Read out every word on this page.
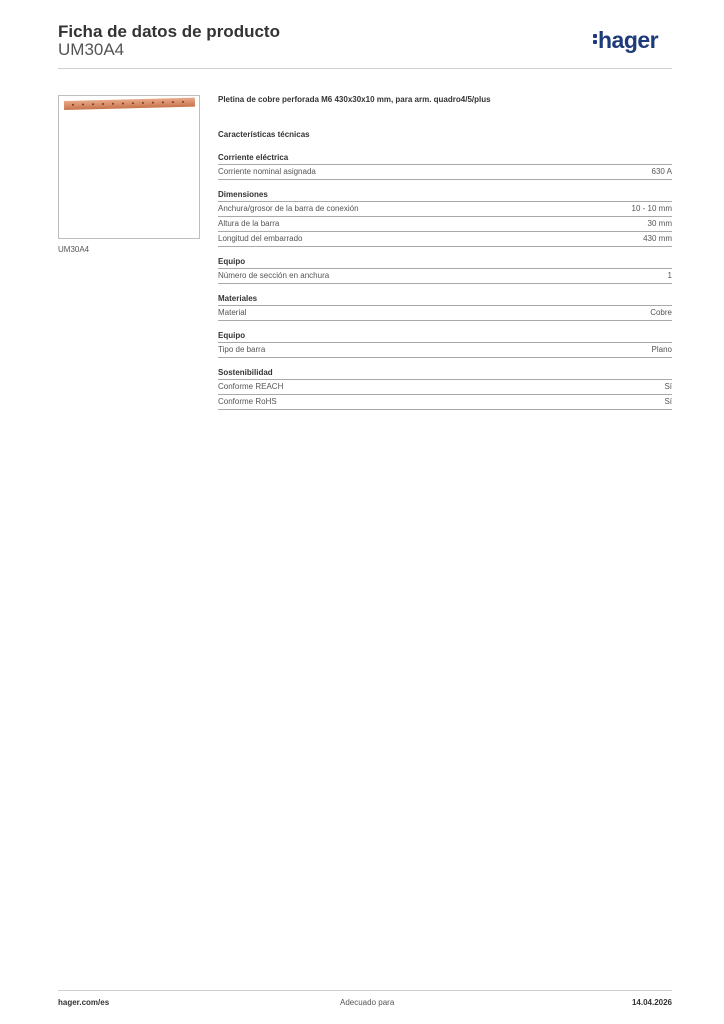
Ficha de datos de producto
UM30A4	hager
UM30A4
Pletina de cobre perforada M6 430x30x10 mm, para arm. quadro4/5/plus
Características técnicas
Corriente eléctrica
Corriente nominal asignada	630 A
Dimensiones
Anchura/grosor de la barra de conexión	10 - 10 mm
Altura de la barra	30 mm
Longitud del embarrado	430 mm
Equipo
Número de sección en anchura	1
Materiales
Material	Cobre
Equipo
Tipo de barra	Plano
Sostenibilidad
Conforme REACH	Sí
Conforme RoHS	Sí
hager.com/es	Adecuado para	14.04.2026
